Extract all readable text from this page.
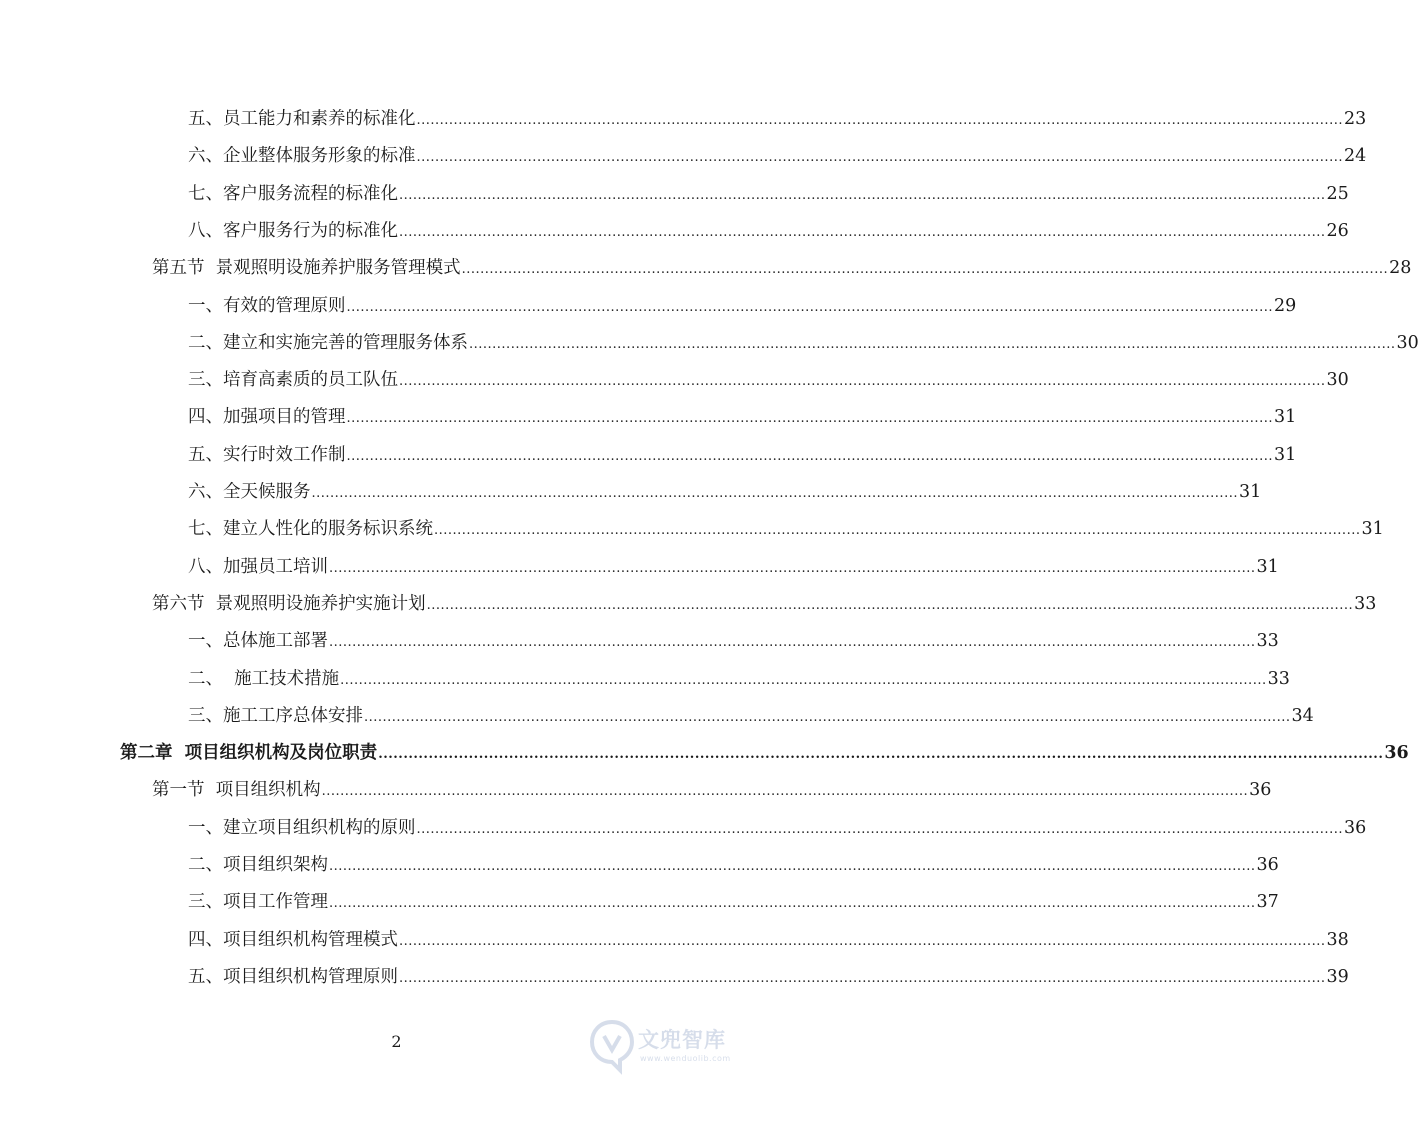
五、员工能力和素养的标准化 ........................................................................................................................................................................................................ 23
六、企业整体服务形象的标准 ........................................................................................................................................................................................................ 24
七、客户服务流程的标准化 ........................................................................................................................................................................................................ 25
八、客户服务行为的标准化 ........................................................................................................................................................................................................ 26
第五节  景观照明设施养护服务管理模式 ........................................................................................................................................................................................................ 28
一、有效的管理原则 ........................................................................................................................................................................................................ 29
二、建立和实施完善的管理服务体系 ........................................................................................................................................................................................................ 30
三、培育高素质的员工队伍 ........................................................................................................................................................................................................ 30
四、加强项目的管理 ........................................................................................................................................................................................................ 31
五、实行时效工作制 ........................................................................................................................................................................................................ 31
六、全天候服务 ........................................................................................................................................................................................................ 31
七、建立人性化的服务标识系统 ........................................................................................................................................................................................................ 31
八、加强员工培训 ........................................................................................................................................................................................................ 31
第六节  景观照明设施养护实施计划 ........................................................................................................................................................................................................ 33
一、总体施工部署 ........................................................................................................................................................................................................ 33
二、  施工技术措施 ........................................................................................................................................................................................................ 33
三、施工工序总体安排 ........................................................................................................................................................................................................ 34
第二章  项目组织机构及岗位职责 ........................................................................................................................................................................................................ 36
第一节  项目组织机构 ........................................................................................................................................................................................................ 36
一、建立项目组织机构的原则 ........................................................................................................................................................................................................ 36
二、项目组织架构 ........................................................................................................................................................................................................ 36
三、项目工作管理 ........................................................................................................................................................................................................ 37
四、项目组织机构管理模式 ........................................................................................................................................................................................................ 38
五、项目组织机构管理原则 ........................................................................................................................................................................................................ 39
2	文兜智库
www.wenduolib.com
